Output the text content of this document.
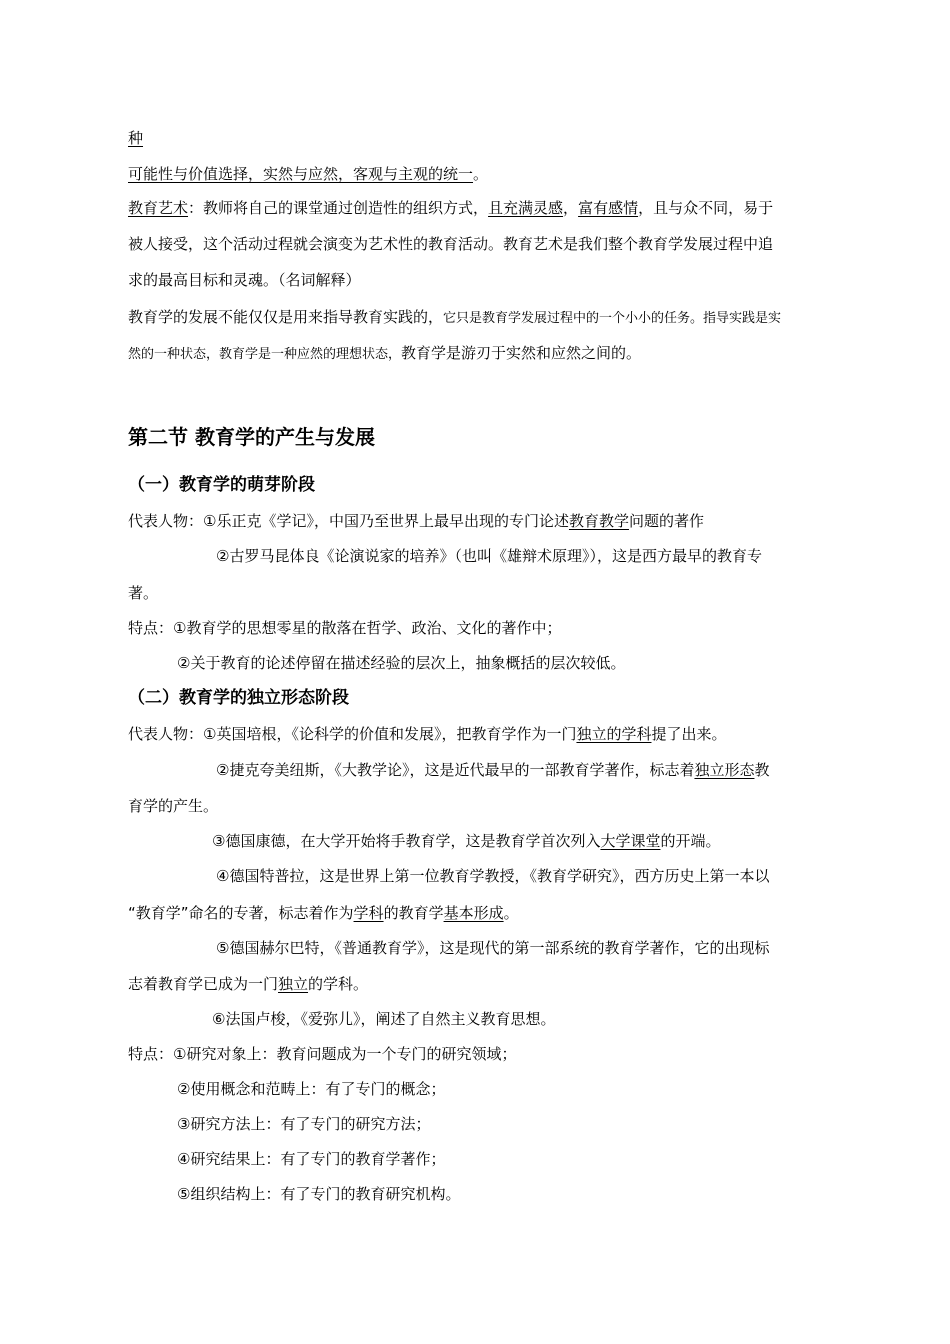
种
可能性与价值选择，实然与应然，客观与主观的统一。
教育艺术：教师将自己的课堂通过创造性的组织方式，且充满灵感，富有感情，且与众不同，易于
被人接受，这个活动过程就会演变为艺术性的教育活动。教育艺术是我们整个教育学发展过程中追
求的最高目标和灵魂。（名词解释）
教育学的发展不能仅仅是用来指导教育实践的，它只是教育学发展过程中的一个小小的任务。指导实践是实
然的一种状态，教育学是一种应然的理想状态，教育学是游刃于实然和应然之间的。
第二节 教育学的产生与发展
（一）教育学的萌芽阶段
代表人物：①乐正克《学记》，中国乃至世界上最早出现的专门论述教育教学问题的著作
②古罗马昆体良《论演说家的培养》（也叫《雄辩术原理》），这是西方最早的教育专
著。
特点：①教育学的思想零星的散落在哲学、政治、文化的著作中；
②关于教育的论述停留在描述经验的层次上，抽象概括的层次较低。
（二）教育学的独立形态阶段
代表人物：①英国培根，《论科学的价值和发展》，把教育学作为一门独立的学科提了出来。
②捷克夸美纽斯，《大教学论》，这是近代最早的一部教育学著作，标志着独立形态教
育学的产生。
③德国康德，在大学开始将手教育学，这是教育学首次列入大学课堂的开端。
④德国特普拉，这是世界上第一位教育学教授，《教育学研究》，西方历史上第一本以
“教育学”命名的专著，标志着作为学科的教育学基本形成。
⑤德国赫尔巴特，《普通教育学》，这是现代的第一部系统的教育学著作，它的出现标
志着教育学已成为一门独立的学科。
⑥法国卢梭，《爱弥儿》，阐述了自然主义教育思想。
特点：①研究对象上：教育问题成为一个专门的研究领域；
②使用概念和范畴上：有了专门的概念；
③研究方法上：有了专门的研究方法；
④研究结果上：有了专门的教育学著作；
⑤组织结构上：有了专门的教育研究机构。
